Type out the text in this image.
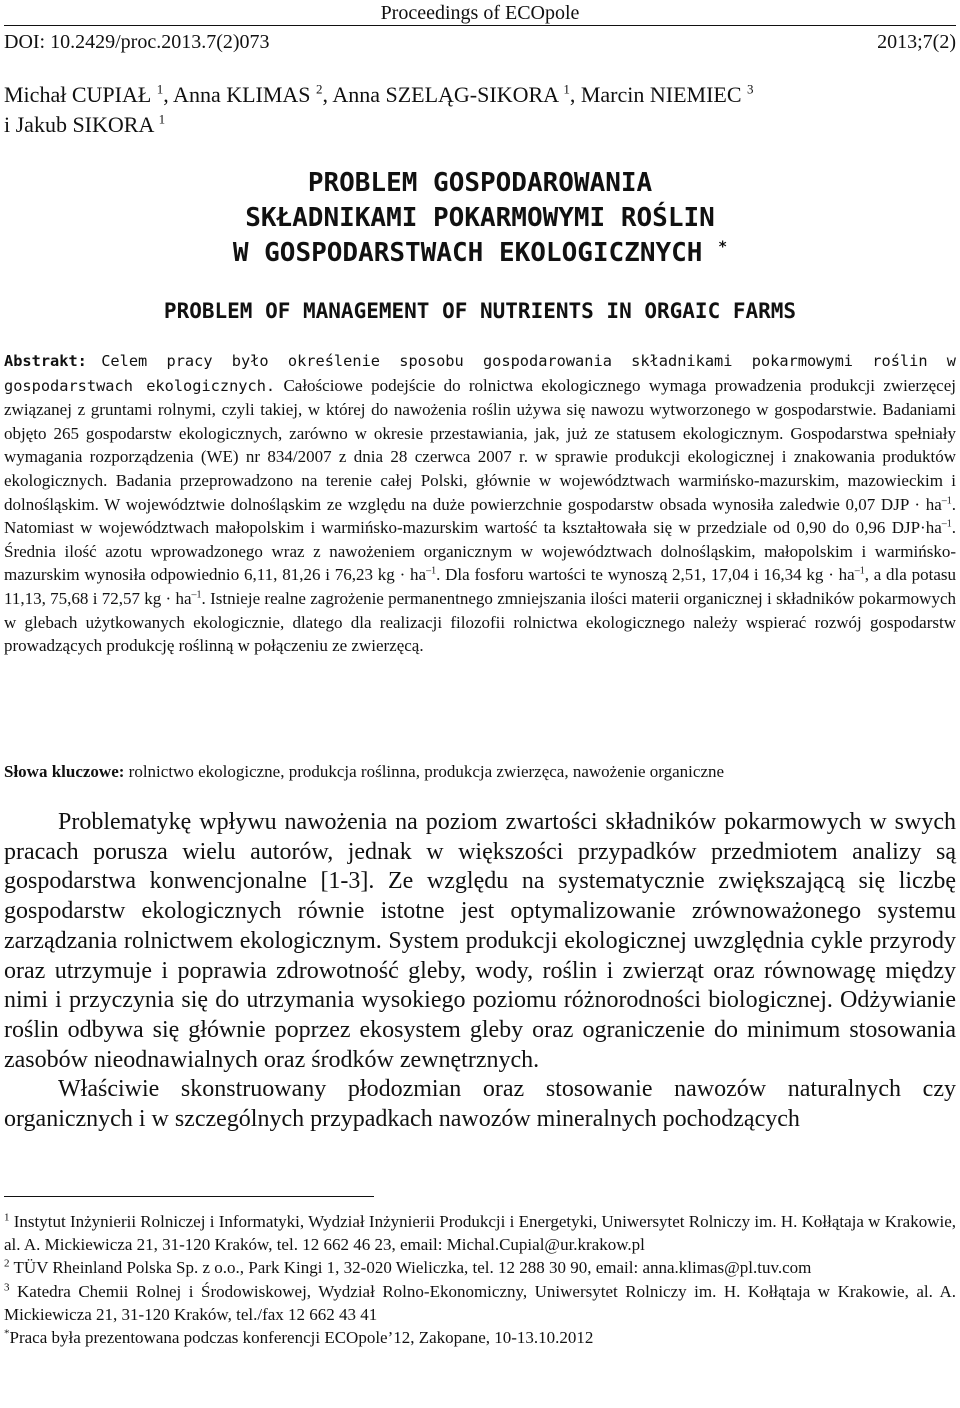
Proceedings of ECOpole
DOI: 10.2429/proc.2013.7(2)073	2013;7(2)
Michał CUPIAŁ $^1$, Anna KLIMAS $^2$, Anna SZELĄG-SIKORA $^1$, Marcin NIEMIEC $^3$
i Jakub SIKORA $^1$
PROBLEM GOSPODAROWANIA
SKŁADNIKAMI POKARMOWYMI ROŚLIN
W GOSPODARSTWACH EKOLOGICZNYCH *
PROBLEM OF MANAGEMENT OF NUTRIENTS IN ORGAIC FARMS
Abstrakt: Celem pracy było określenie sposobu gospodarowania składnikami pokarmowymi roślin w gospodarstwach ekologicznych. Całościowe podejście do rolnictwa ekologicznego wymaga prowadzenia produkcji zwierzęcej związanej z gruntami rolnymi, czyli takiej, w której do nawożenia roślin używa się nawozu wytworzonego w gospodarstwie. Badaniami objęto 265 gospodarstw ekologicznych, zarówno w okresie przestawiania, jak, już ze statusem ekologicznym. Gospodarstwa spełniały wymagania rozporządzenia (WE) nr 834/2007 z dnia 28 czerwca 2007 r. w sprawie produkcji ekologicznej i znakowania produktów ekologicznych. Badania przeprowadzono na terenie całej Polski, głównie w województwach warmińsko-mazurskim, mazowieckim i dolnośląskim. W województwie dolnośląskim ze względu na duże powierzchnie gospodarstw obsada wynosiła zaledwie 0,07 DJP · $ha^{-1}$. Natomiast w województwach małopolskim i warmińsko-mazurskim wartość ta kształtowała się w przedziale od 0,90 do 0,96 $DJP\cdot ha^{-1}$. Średnia ilość azotu wprowadzonego wraz z nawożeniem organicznym w województwach dolnośląskim, małopolskim i warmińsko-mazurskim wynosiła odpowiednio 6,11, 81,26 i 76,23 kg · $ha^{-1}$. Dla fosforu wartości te wynoszą 2,51, 17,04 i 16,34 kg · $ha^{-1}$, a dla potasu 11,13, 75,68 i 72,57 kg · $ha^{-1}$. Istnieje realne zagrożenie permanentnego zmniejszania ilości materii organicznej i składników pokarmowych w glebach użytkowanych ekologicznie, dlatego dla realizacji filozofii rolnictwa ekologicznego należy wspierać rozwój gospodarstw prowadzących produkcję roślinną w połączeniu ze zwierzęcą.
Słowa kluczowe: rolnictwo ekologiczne, produkcja roślinna, produkcja zwierzęca, nawożenie organiczne

Problematykę wpływu nawożenia na poziom zwartości składników pokarmowych w swych pracach porusza wielu autorów, jednak w większości przypadków przedmiotem analizy są gospodarstwa konwencjonalne [1-3]. Ze względu na systematycznie zwiększającą się liczbę gospodarstw ekologicznych równie istotne jest optymalizowanie zrównoważonego systemu zarządzania rolnictwem ekologicznym. System produkcji ekologicznej uwzględnia cykle przyrody oraz utrzymuje i poprawia zdrowotność gleby, wody, roślin i zwierząt oraz równowagę między nimi i przyczynia się do utrzymania wysokiego poziomu różnorodności biologicznej. Odżywianie roślin odbywa się głównie poprzez ekosystem gleby oraz ograniczenie do minimum stosowania zasobów nieodnawialnych oraz środków zewnętrznych.

Właściwie skonstruowany płodozmian oraz stosowanie nawozów naturalnych czy organicznych i w szczególnych przypadkach nawozów mineralnych pochodzących

$^1$ Instytut Inżynierii Rolniczej i Informatyki, Wydział Inżynierii Produkcji i Energetyki, Uniwersytet Rolniczy im. H. Kołłątaja w Krakowie, al. A. Mickiewicza 21, 31-120 Kraków, tel. 12 662 46 23, email: Michal.Cupial@ur.krakow.pl

$^2$ TÜV Rheinland Polska Sp. z o.o., Park Kingi 1, 32-020 Wieliczka, tel. 12 288 30 90, email: anna.klimas@pl.tuv.com

$^3$ Katedra Chemii Rolnej i Środowiskowej, Wydział Rolno-Ekonomiczny, Uniwersytet Rolniczy im. H. Kołłątaja w Krakowie, al. A. Mickiewicza 21, 31-120 Kraków, tel./fax 12 662 43 41

*Praca była prezentowana podczas konferencji ECOpole’12, Zakopane, 10-13.10.2012
